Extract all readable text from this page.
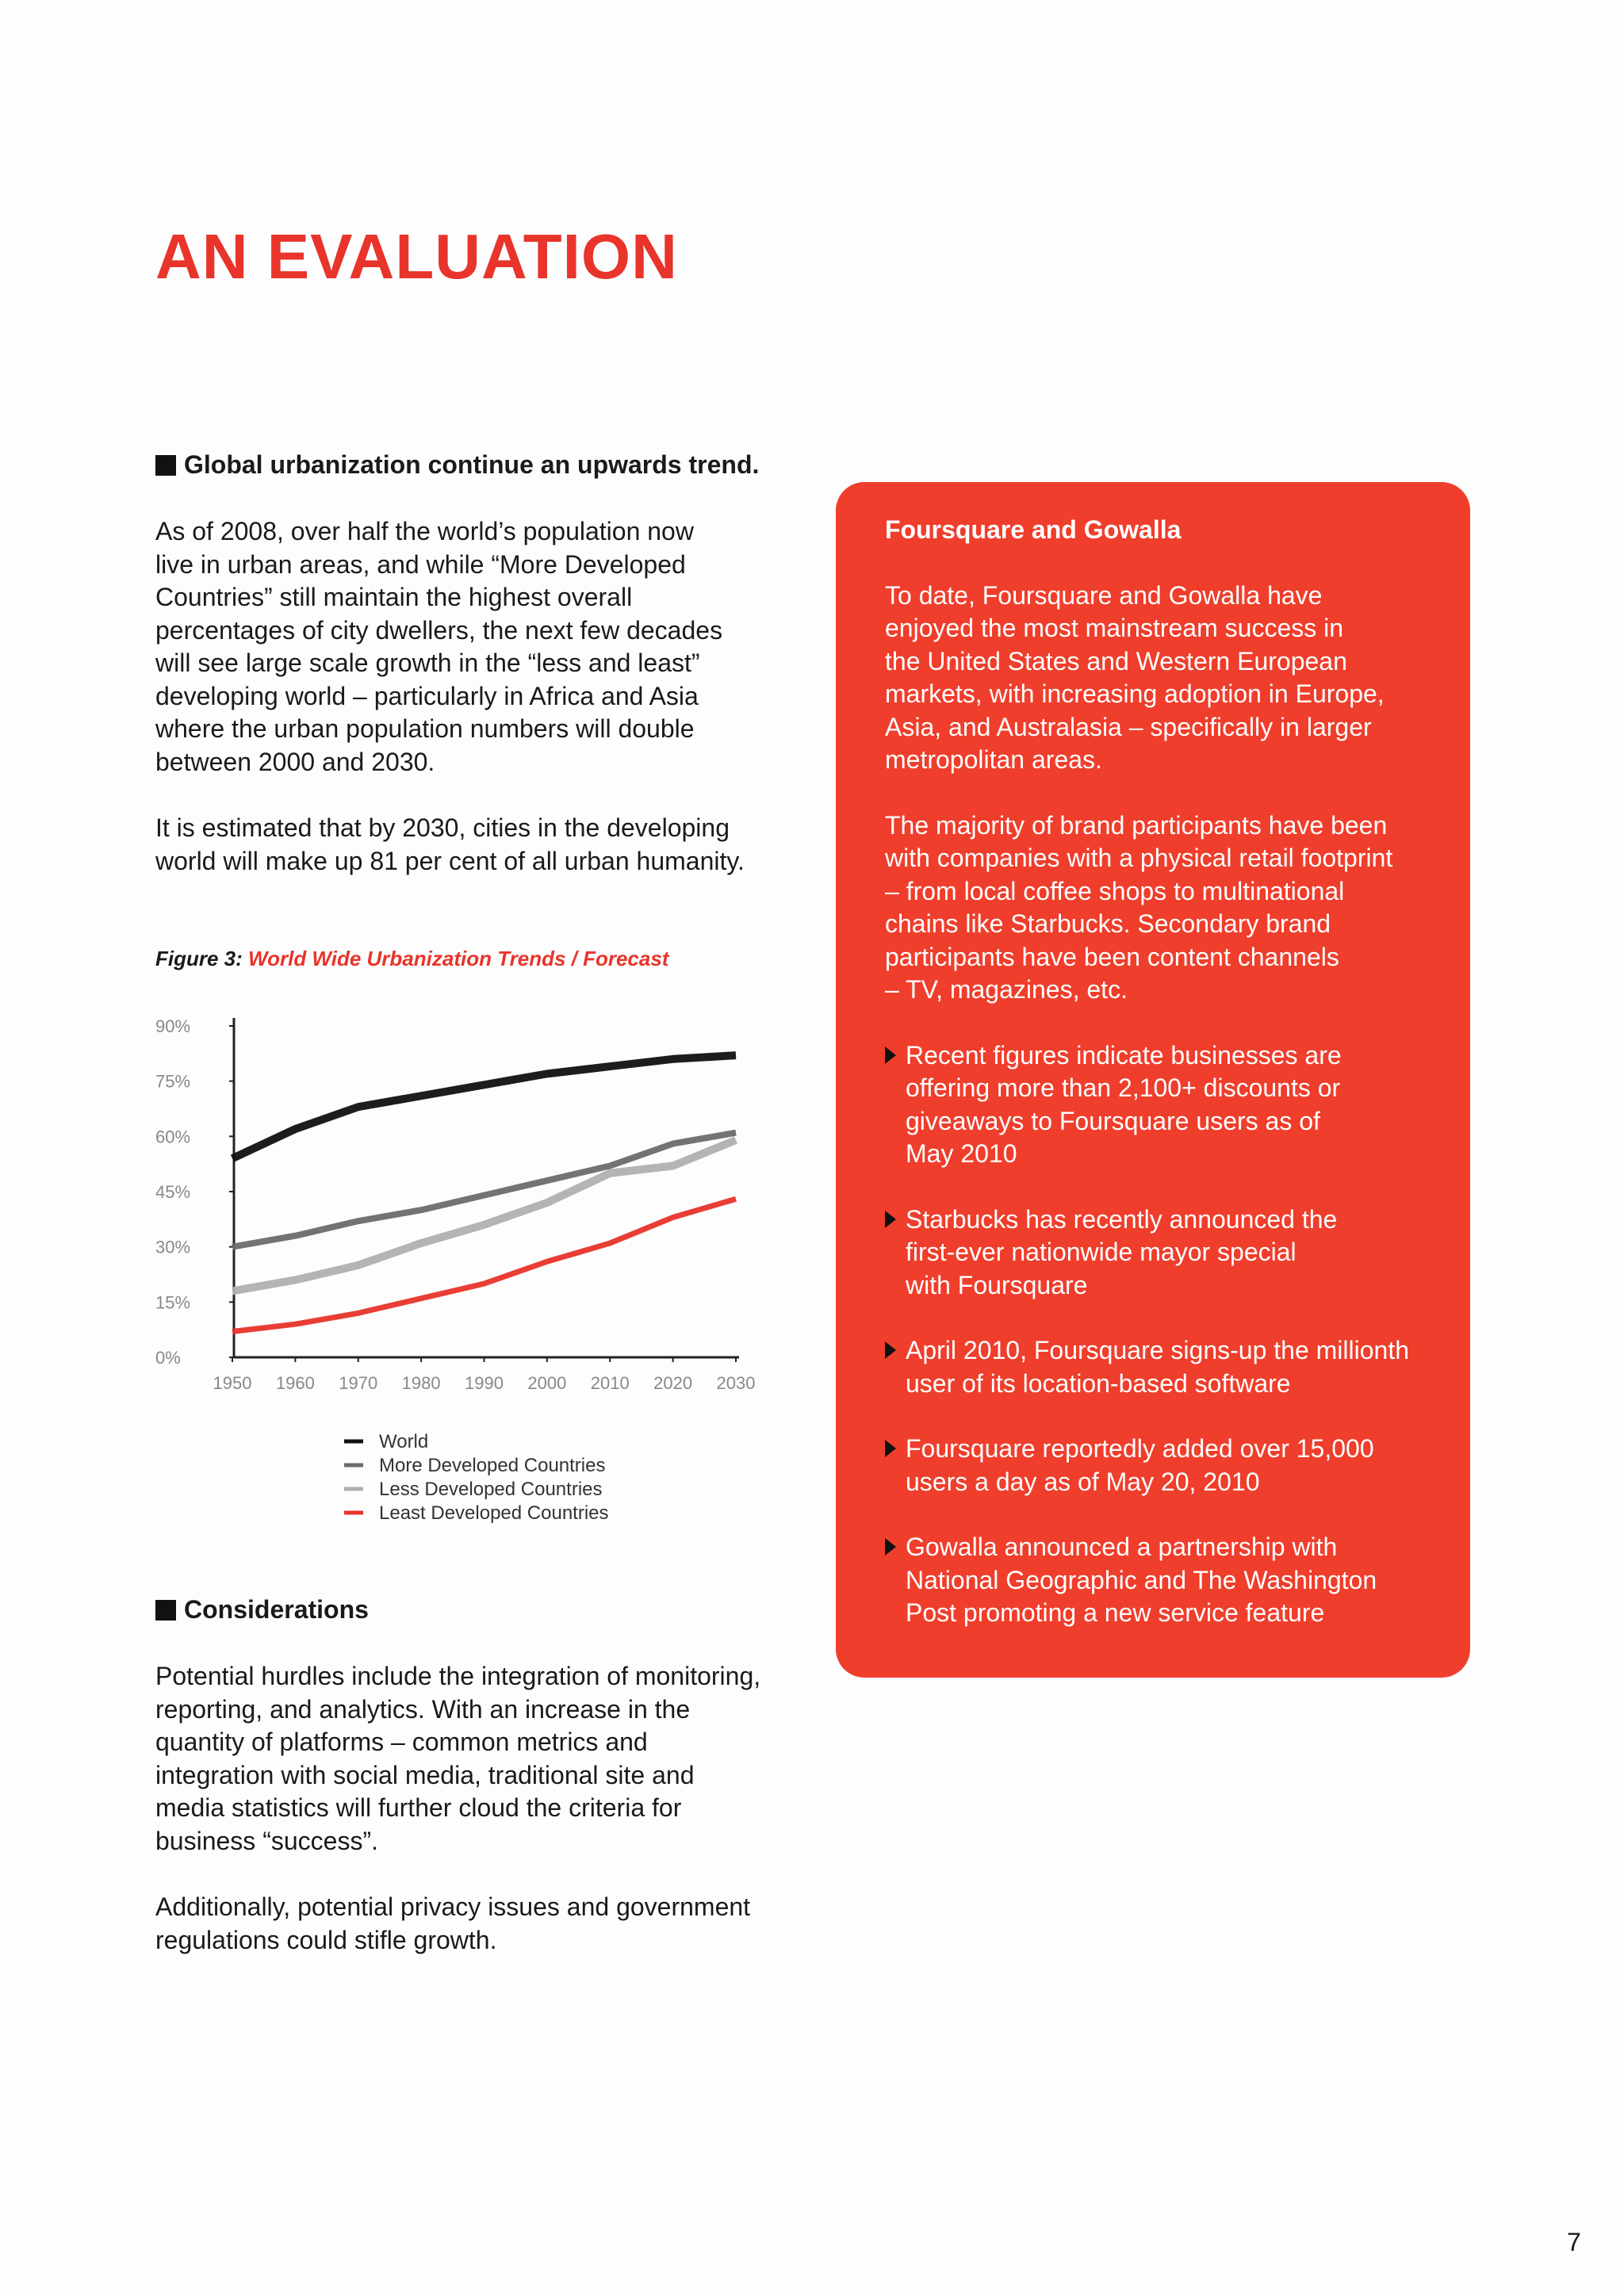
AN EVALUATION

Global urbanization continue an upwards trend.

As of 2008, over half the world’s population now
live in urban areas, and while “More Developed
Countries” still maintain the highest overall
percentages of city dwellers, the next few decades
will see large scale growth in the “less and least”
developing world – particularly in Africa and Asia
where the urban population numbers will double
between 2000 and 2030.

It is estimated that by 2030, cities in the developing
world will make up 81 per cent of all urban humanity.

Figure 3: World Wide Urbanization Trends / Forecast
0%
15%
30%
45%
60%
75%
90%
1950 1960 1970 1980 1990 2000 2010 2020 2030
World
More Developed Countries
Less Developed Countries
Least Developed Countries

Considerations

Potential hurdles include the integration of monitoring,
reporting, and analytics. With an increase in the
quantity of platforms – common metrics and
integration with social media, traditional site and
media statistics will further cloud the criteria for
business “success”.

Additionally, potential privacy issues and government
regulations could stifle growth.

Foursquare and Gowalla

To date, Foursquare and Gowalla have
enjoyed the most mainstream success in
the United States and Western European
markets, with increasing adoption in Europe,
Asia, and Australasia – specifically in larger
metropolitan areas.

The majority of brand participants have been
with companies with a physical retail footprint
– from local coffee shops to multinational
chains like Starbucks. Secondary brand
participants have been content channels
– TV, magazines, etc.

Recent figures indicate businesses are
offering more than 2,100+ discounts or
giveaways to Foursquare users as of
May 2010

Starbucks has recently announced the
first-ever nationwide mayor special
with Foursquare

April 2010, Foursquare signs-up the millionth
user of its location-based software

Foursquare reportedly added over 15,000
users a day as of May 20, 2010

Gowalla announced a partnership with
National Geographic and The Washington
Post promoting a new service feature

7
